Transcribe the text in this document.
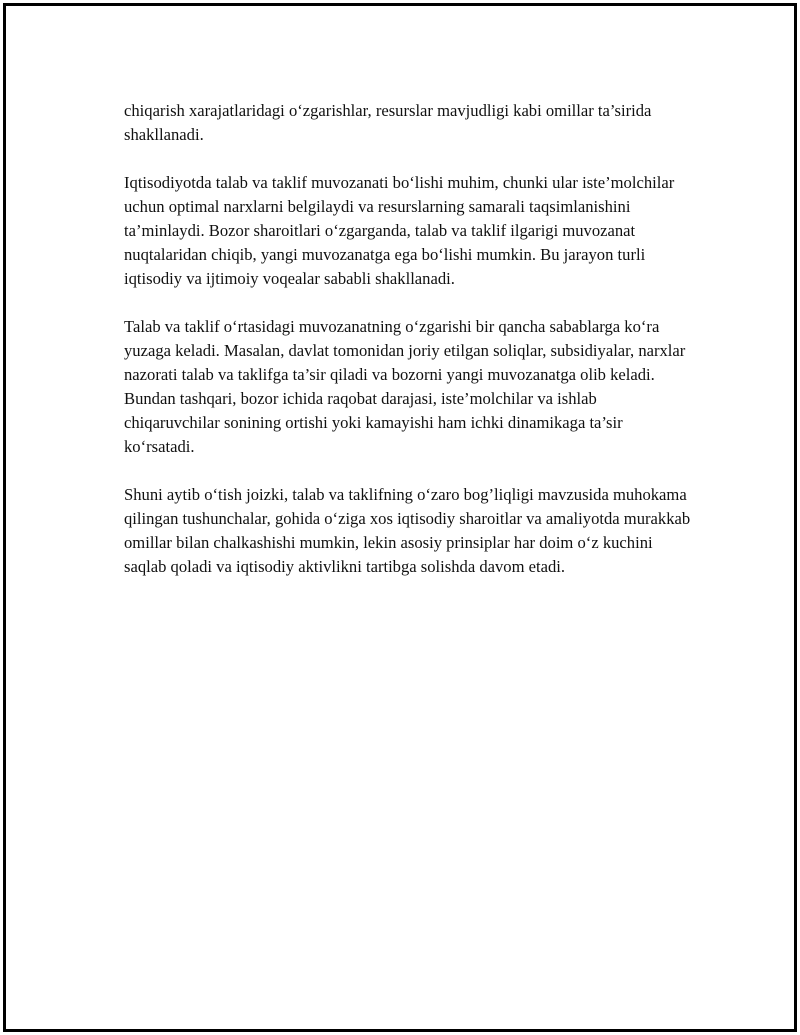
chiqarish xarajatlaridagi o‘zgarishlar, resurslar mavjudligi kabi omillar ta’sirida shakllanadi.

Iqtisodiyotda talab va taklif muvozanati bo‘lishi muhim, chunki ular iste’molchilar uchun optimal narxlarni belgilaydi va resurslarning samarali taqsimlanishini ta’minlaydi. Bozor sharoitlari o‘zgarganda, talab va taklif ilgarigi muvozanat nuqtalaridan chiqib, yangi muvozanatga ega bo‘lishi mumkin. Bu jarayon turli iqtisodiy va ijtimoiy voqealar sababli shakllanadi.

Talab va taklif o‘rtasidagi muvozanatning o‘zgarishi bir qancha sabablarga ko‘ra yuzaga keladi. Masalan, davlat tomonidan joriy etilgan soliqlar, subsidiyalar, narxlar nazorati talab va taklifga ta’sir qiladi va bozorni yangi muvozanatga olib keladi. Bundan tashqari, bozor ichida raqobat darajasi, iste’molchilar va ishlab chiqaruvchilar sonining ortishi yoki kamayishi ham ichki dinamikaga ta’sir ko‘rsatadi.

Shuni aytib o‘tish joizki, talab va taklifning o‘zaro bog’liqligi mavzusida muhokama qilingan tushunchalar, gohida o‘ziga xos iqtisodiy sharoitlar va amaliyotda murakkab omillar bilan chalkashishi mumkin, lekin asosiy prinsiplar har doim o‘z kuchini saqlab qoladi va iqtisodiy aktivlikni tartibga solishda davom etadi.
